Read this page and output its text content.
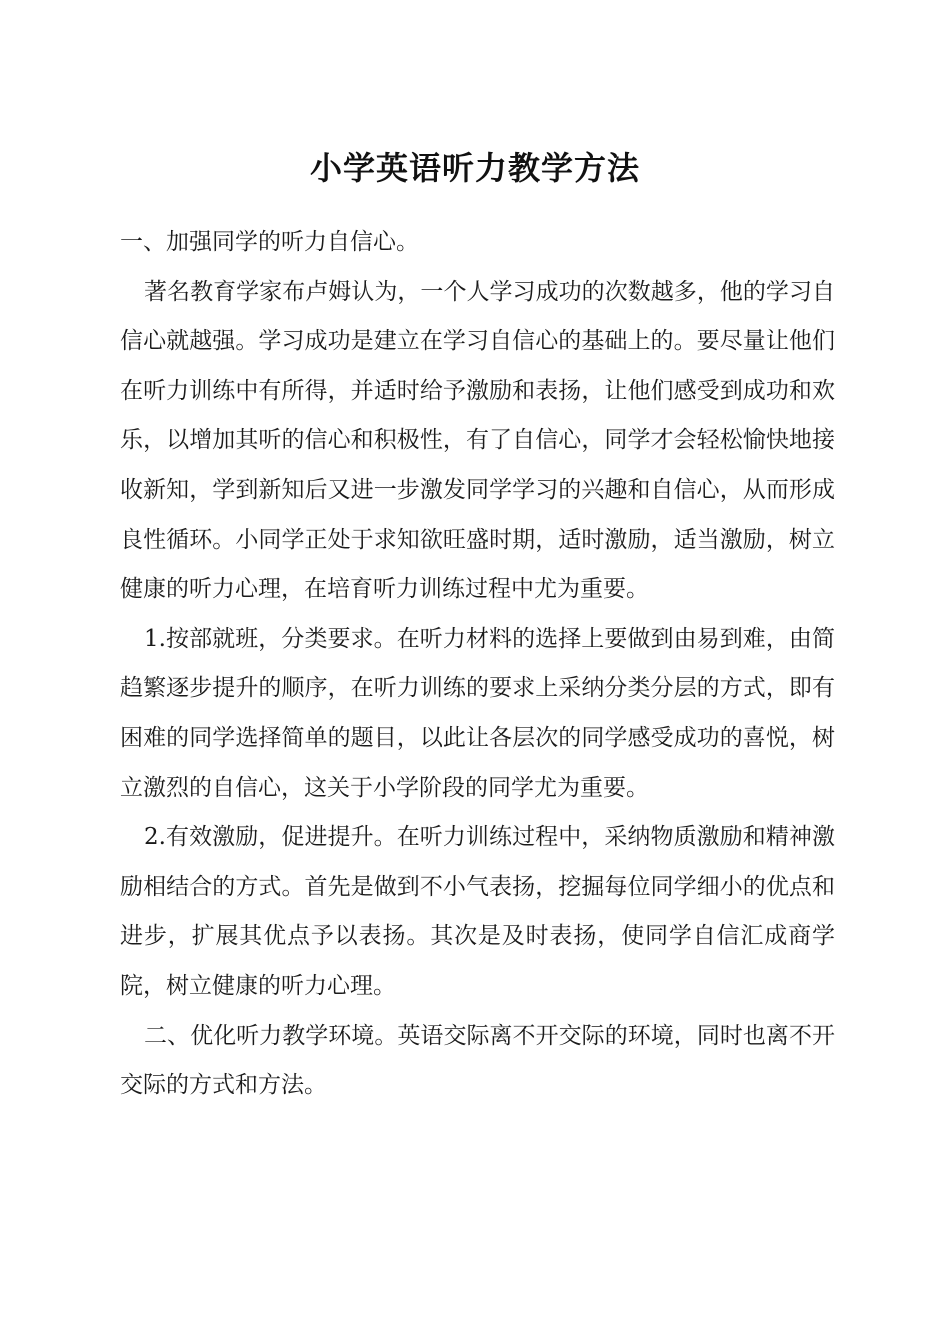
小学英语听力教学方法

一、加强同学的听力自信心。

著名教育学家布卢姆认为，一个人学习成功的次数越多，他的学习自信心就越强。学习成功是建立在学习自信心的基础上的。要尽量让他们在听力训练中有所得，并适时给予激励和表扬，让他们感受到成功和欢乐，以增加其听的信心和积极性，有了自信心，同学才会轻松愉快地接收新知，学到新知后又进一步激发同学学习的兴趣和自信心，从而形成良性循环。小同学正处于求知欲旺盛时期，适时激励，适当激励，树立健康的听力心理，在培育听力训练过程中尤为重要。

1.按部就班，分类要求。在听力材料的选择上要做到由易到难，由简趋繁逐步提升的顺序，在听力训练的要求上采纳分类分层的方式，即有困难的同学选择简单的题目，以此让各层次的同学感受成功的喜悦，树立激烈的自信心，这关于小学阶段的同学尤为重要。

2.有效激励，促进提升。在听力训练过程中，采纳物质激励和精神激励相结合的方式。首先是做到不小气表扬，挖掘每位同学细小的优点和进步，扩展其优点予以表扬。其次是及时表扬，使同学自信汇成商学院，树立健康的听力心理。

二、优化听力教学环境。英语交际离不开交际的环境，同时也离不开交际的方式和方法。
